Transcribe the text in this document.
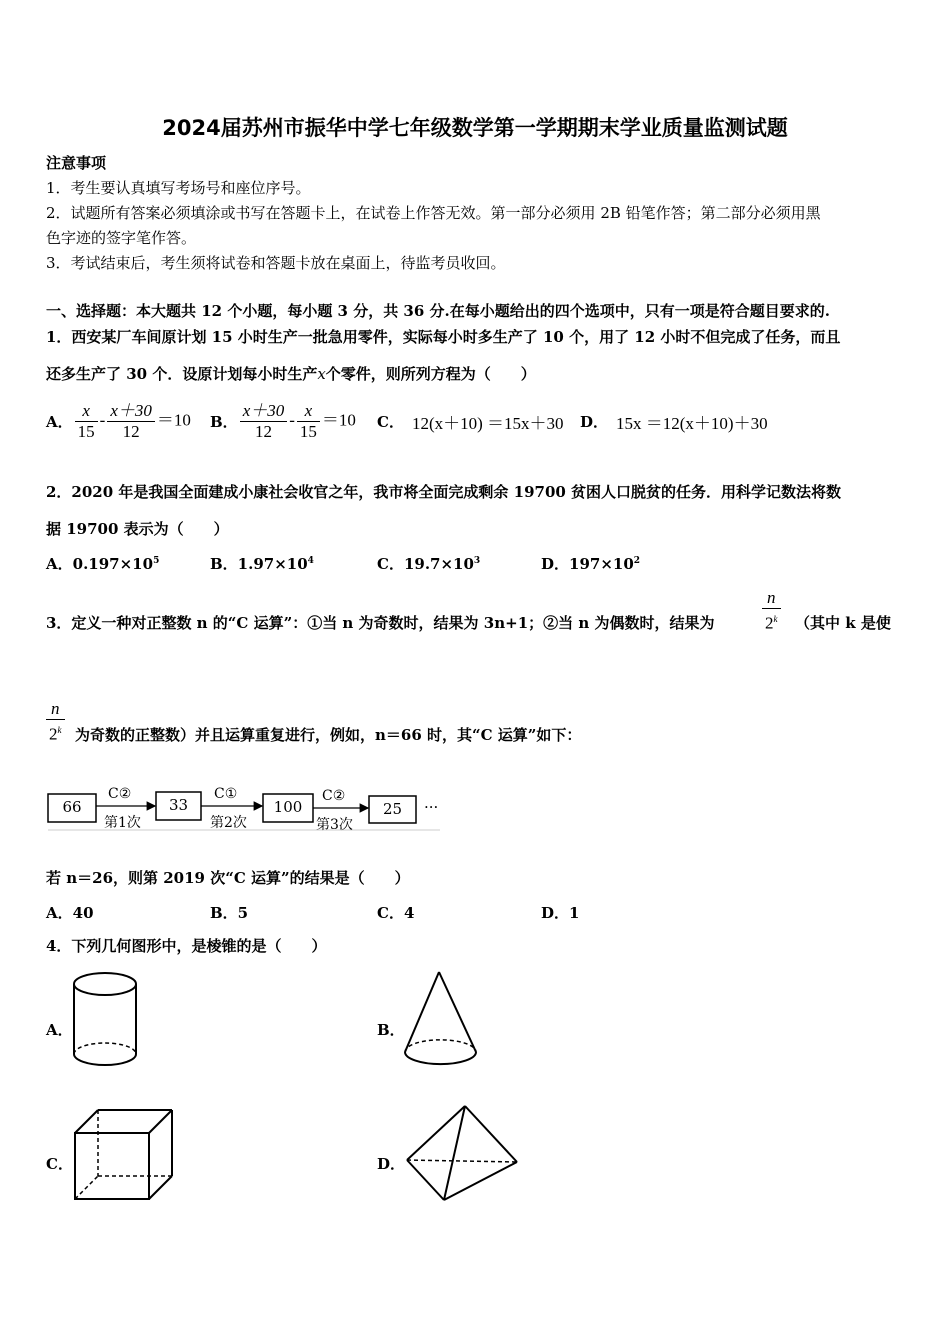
2024届苏州市振华中学七年级数学第一学期期末学业质量监测试题
注意事项
1．考生要认真填写考场号和座位序号。
2．试题所有答案必须填涂或书写在答题卡上，在试卷上作答无效。第一部分必须用 2B 铅笔作答；第二部分必须用黑
色字迹的签字笔作答。
3．考试结束后，考生须将试卷和答题卡放在桌面上，待监考员收回。
一、选择题：本大题共 12 个小题，每小题 3 分，共 36 分.在每小题给出的四个选项中，只有一项是符合题目要求的.
1．西安某厂车间原计划 15 小时生产一批急用零件，实际每小时多生产了 10 个，用了 12 小时不但完成了任务，而且
还多生产了 30 个．设原计划每小时生产x个零件，则所列方程为（　　）
A． $\frac{x}{15} - \frac{x+30}{12} =10$ B． $\frac{x+30}{12} - \frac{x}{15} =10$ C． 12(x＋10) ＝15x＋30 D． 15x ＝12(x＋10)＋30
2．2020 年是我国全面建成小康社会收官之年，我市将全面完成剩余 19700 贫困人口脱贫的任务．用科学记数法将数
据 19700 表示为（　　）
A．$0.197\times 10^5$	B．$1.97\times 10^4$	C．$19.7\times 10^3$	D．$197\times 10^2$
3．定义一种对正整数 n 的“C 运算”：①当 n 为奇数时，结果为 3n+1；②当 n 为偶数时，结果为	$\frac{n}{2^k}$ （其中 k 是使
$\frac{n}{2^k}$ 为奇数的正整数）并且运算重复进行，例如，n＝66 时，其“C 运算”如下：
66	33	100	25
C②	C①	C②
第1次	第2次	第3次
···
若 n＝26，则第 2019 次“C 运算”的结果是（　　）
A．40	B．5	C．4	D．1
4．下列几何图形中，是棱锥的是（　　）
A．	B．
C．	D．
